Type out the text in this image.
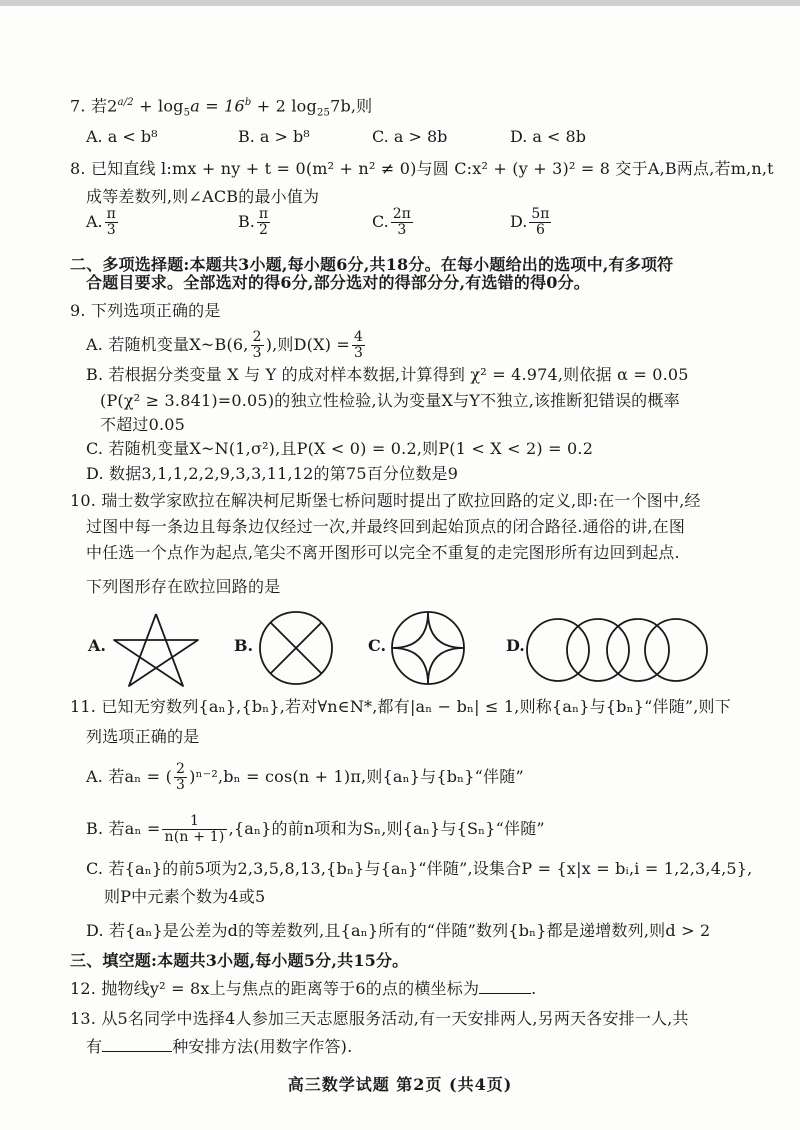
7. 若$2^{a/2} + \log_5a = 16^b + 2$ $\log_{25}7b$,则
A. a < b⁸	B. a > b⁸	C. a > 8b	D. a < 8b
8. 已知直线 l:mx + ny + t = 0(m² + n² ≠ 0)与圆 C:x² + (y + 3)² = 8 交于A,B两点,若m,n,t
成等差数列,则∠ACB的最小值为
A. $\frac{\pi}{3}$	B. $\frac{\pi}{2}$	C. $\frac{2\pi}{3}$	D. $\frac{5\pi}{6}$
二、多项选择题:本题共3小题,每小题6分,共18分。在每小题给出的选项中,有多项符
合题目要求。全部选对的得6分,部分选对的得部分分,有选错的得0分。
9. 下列选项正确的是
A. 若随机变量X~B(6, $\frac{2}{3}$ ),则$D(X) = \frac{4}{3}$
B. 若根据分类变量 X 与 Y 的成对样本数据,计算得到 χ² = 4.974,则依据 α = 0.05
(P(χ² ≥ 3.841)=0.05)的独立性检验,认为变量X与Y不独立,该推断犯错误的概率
不超过0.05
C. 若随机变量X~N(1,σ²),且P(X < 0) = 0.2,则P(1 < X < 2) = 0.2
D. 数据3,1,1,2,2,9,3,3,11,12的第75百分位数是9
10. 瑞士数学家欧拉在解决柯尼斯堡七桥问题时提出了欧拉回路的定义,即:在一个图中,经
过图中每一条边且每条边仅经过一次,并最终回到起始顶点的闭合路径.通俗的讲,在图
中任选一个点作为起点,笔尖不离开图形可以完全不重复的走完图形所有边回到起点.
下列图形存在欧拉回路的是
A.	B.	C.	D.
11. 已知无穷数列{aₙ},{bₙ},若对∀n∈N*,都有|aₙ − bₙ| ≤ 1,则称{aₙ}与{bₙ}“伴随”,则下
列选项正确的是
A. 若aₙ = ( $\frac{2}{3} )^{n-2},b_n = \cos(n + 1)\pi$,则{aₙ}与{bₙ}“伴随”
B. 若$a_n = \frac{1}{n(n + 1)} ,\{a_n\}$的前n项和为Sₙ,则{aₙ}与{Sₙ}“伴随”
C. 若{aₙ}的前5项为2,3,5,8,13,{bₙ}与{aₙ}“伴随”,设集合P = {x|x = bᵢ,i = 1,2,3,4,5},
则P中元素个数为4或5
D. 若{aₙ}是公差为d的等差数列,且{aₙ}所有的“伴随”数列{bₙ}都是递增数列,则d > 2
三、填空题:本题共3小题,每小题5分,共15分。
12. 抛物线y² = 8x上与焦点的距离等于6的点的横坐标为	.
13. 从5名同学中选择4人参加三天志愿服务活动,有一天安排两人,另两天各安排一人,共
有	种安排方法(用数字作答).
高三数学试题 第2页 (共4页)
